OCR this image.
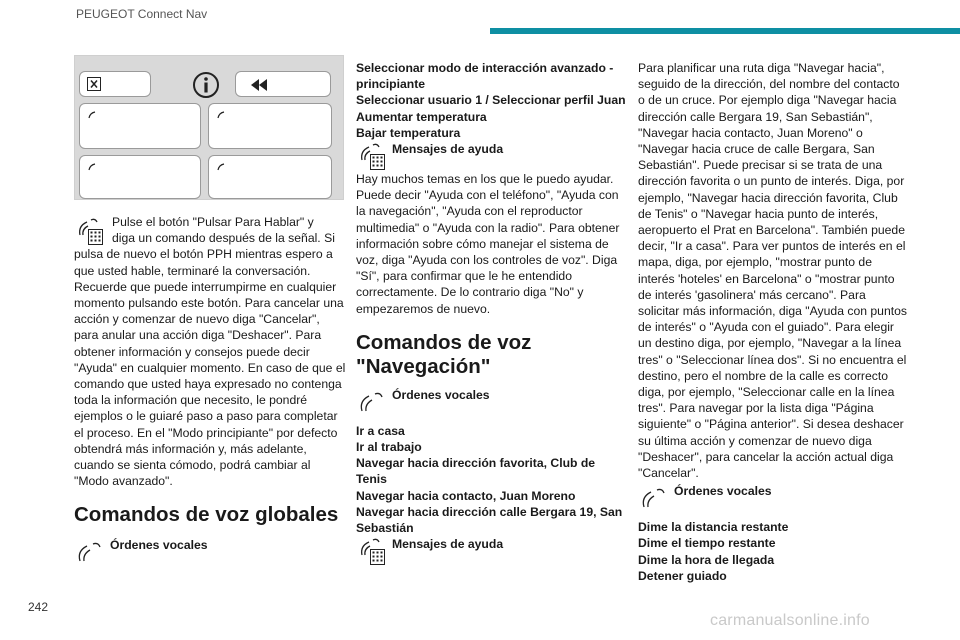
PEUGEOT Connect Nav
Pulse el botón "Pulsar Para Hablar" y
diga un comando después de la señal. Si
pulsa de nuevo el botón PPH mientras espero a que usted hable, terminaré la conversación. Recuerde que puede interrumpirme en cualquier momento pulsando este botón. Para cancelar una acción y comenzar de nuevo diga "Cancelar", para anular una acción diga "Deshacer". Para obtener información y consejos puede decir "Ayuda" en cualquier momento. En caso de que el comando que usted haya expresado no contenga toda la información que necesito, le pondré ejemplos o le guiaré paso a paso para completar el proceso. En el "Modo principiante" por defecto obtendrá más información y, más adelante, cuando se sienta cómodo, podrá cambiar al "Modo avanzado".
Comandos de voz globales
Órdenes vocales
Seleccionar modo de interacción avanzado - principiante
Seleccionar usuario 1 / Seleccionar perfil Juan
Aumentar temperatura
Bajar temperatura
Mensajes de ayuda
Hay muchos temas en los que le puedo ayudar. Puede decir "Ayuda con el teléfono", "Ayuda con la navegación", "Ayuda con el reproductor multimedia" o "Ayuda con la radio". Para obtener información sobre cómo manejar el sistema de voz, diga "Ayuda con los controles de voz". Diga "Sí", para confirmar que le he entendido correctamente. De lo contrario diga "No" y empezaremos de nuevo.
Comandos de voz "Navegación"
Órdenes vocales
Ir a casa
Ir al trabajo
Navegar hacia dirección favorita, Club de Tenis
Navegar hacia contacto, Juan Moreno
Navegar hacia dirección calle Bergara 19, San Sebastián
Mensajes de ayuda
Para planificar una ruta diga "Navegar hacia", seguido de la dirección, del nombre del contacto o de un cruce. Por ejemplo diga "Navegar hacia dirección calle Bergara 19, San Sebastián", "Navegar hacia contacto, Juan Moreno" o "Navegar hacia cruce de calle Bergara, San Sebastián". Puede precisar si se trata de una dirección favorita o un punto de interés. Diga, por ejemplo, "Navegar hacia dirección favorita, Club de Tenis" o "Navegar hacia punto de interés, aeropuerto el Prat en Barcelona". También puede decir, "Ir a casa". Para ver puntos de interés en el mapa, diga, por ejemplo, "mostrar punto de interés 'hoteles' en Barcelona" o "mostrar punto de interés 'gasolinera' más cercano". Para solicitar más información, diga "Ayuda con puntos de interés" o "Ayuda con el guiado". Para elegir un destino diga, por ejemplo, "Navegar a la línea tres" o "Seleccionar línea dos". Si no encuentra el destino, pero el nombre de la calle es correcto diga, por ejemplo, "Seleccionar calle en la línea tres". Para navegar por la lista diga "Página siguiente" o "Página anterior". Si desea deshacer su última acción y comenzar de nuevo diga "Deshacer", para cancelar la acción actual diga "Cancelar".
Órdenes vocales
Dime la distancia restante
Dime el tiempo restante
Dime la hora de llegada
Detener guiado
242
carmanualsonline.info
